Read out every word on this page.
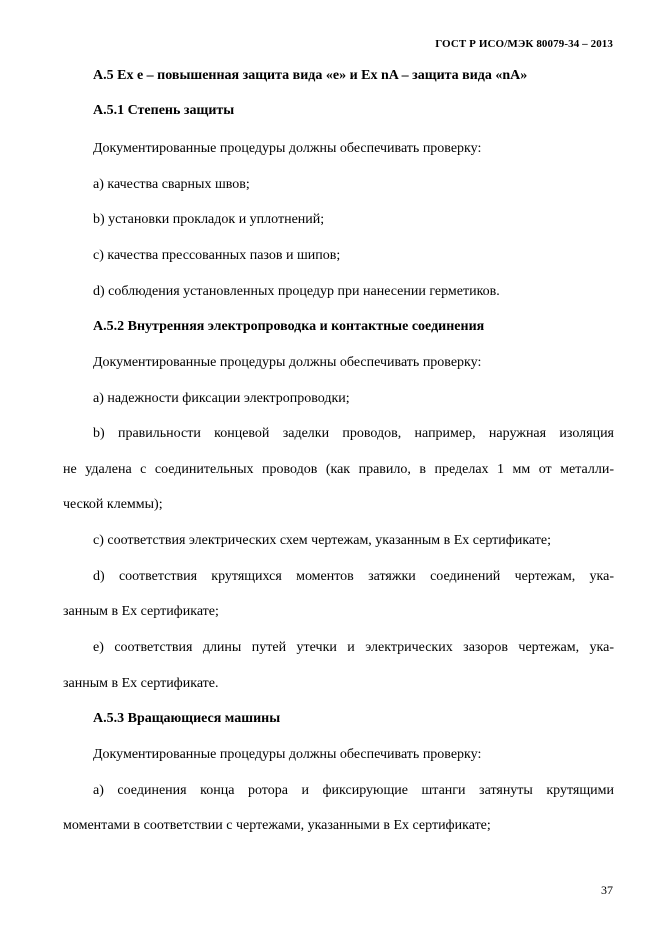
ГОСТ Р ИСО/МЭК 80079-34 – 2013
А.5 Ex e – повышенная защита вида «e» и Ex nA – защита вида «nA»
А.5.1 Степень защиты
Документированные процедуры должны обеспечивать проверку:
a) качества сварных швов;
b) установки прокладок и уплотнений;
c) качества прессованных пазов и шипов;
d) соблюдения установленных процедур при нанесении герметиков.
А.5.2 Внутренняя электропроводка и контактные соединения
Документированные процедуры должны обеспечивать проверку:
a) надежности фиксации электропроводки;
b) правильности концевой заделки проводов, например, наружная изоляция
не удалена с соединительных проводов (как правило, в пределах 1 мм от металли-
ческой клеммы);
c) соответствия электрических схем чертежам, указанным в Ex сертификате;
d) соответствия крутящихся моментов затяжки соединений чертежам, ука-
занным в Ex сертификате;
e) соответствия длины путей утечки и электрических зазоров чертежам, ука-
занным в Ex сертификате.
А.5.3 Вращающиеся машины
Документированные процедуры должны обеспечивать проверку:
a) соединения конца ротора и фиксирующие штанги затянуты крутящими
моментами в соответствии с чертежами, указанными в Ex сертификате;
37
